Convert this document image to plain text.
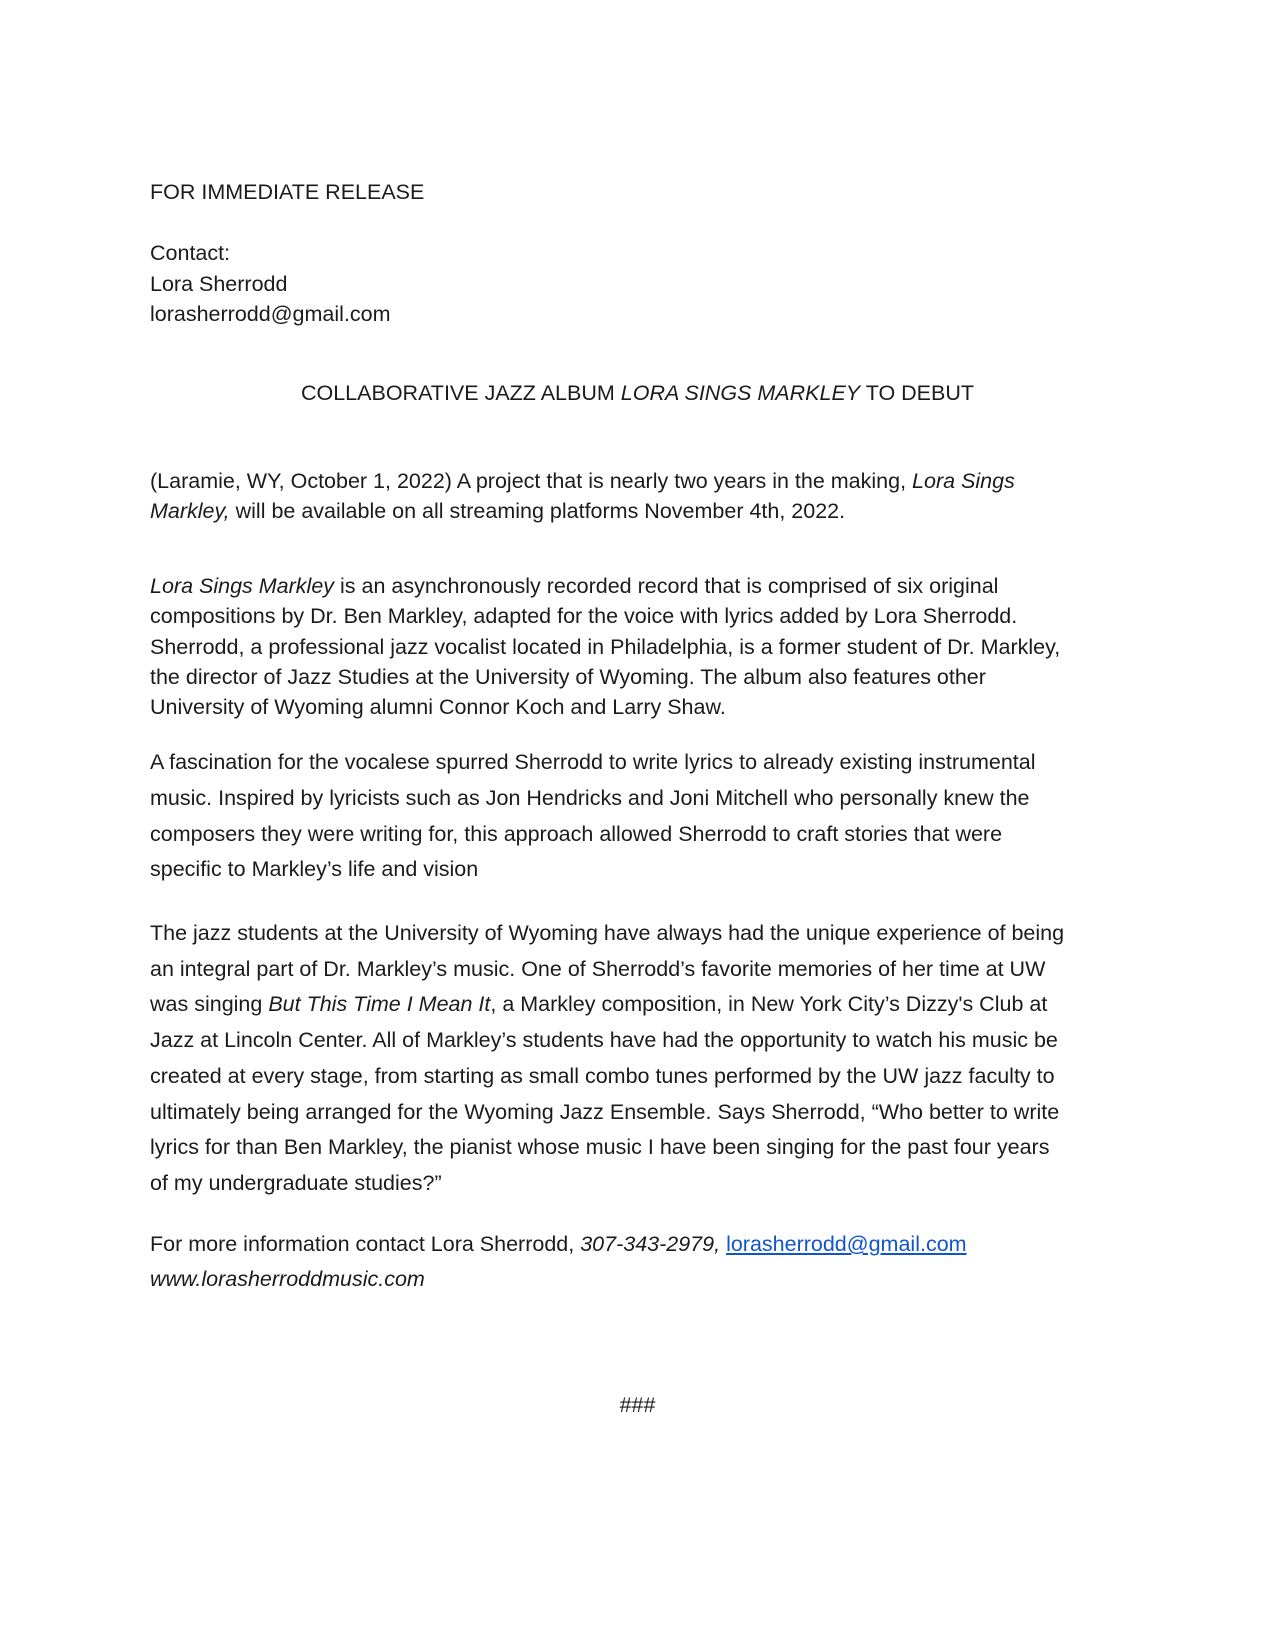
FOR IMMEDIATE RELEASE
Contact:
Lora Sherrodd
lorasherrodd@gmail.com
COLLABORATIVE JAZZ ALBUM LORA SINGS MARKLEY TO DEBUT
(Laramie, WY, October 1, 2022) A project that is nearly two years in the making, Lora Sings
Markley, will be available on all streaming platforms November 4th, 2022.
Lora Sings Markley is an asynchronously recorded record that is comprised of six original
compositions by Dr. Ben Markley, adapted for the voice with lyrics added by Lora Sherrodd.
Sherrodd, a professional jazz vocalist located in Philadelphia, is a former student of Dr. Markley,
the director of Jazz Studies at the University of Wyoming. The album also features other
University of Wyoming alumni Connor Koch and Larry Shaw.
A fascination for the vocalese spurred Sherrodd to write lyrics to already existing instrumental
music. Inspired by lyricists such as Jon Hendricks and Joni Mitchell who personally knew the
composers they were writing for, this approach allowed Sherrodd to craft stories that were
specific to Markley’s life and vision
The jazz students at the University of Wyoming have always had the unique experience of being
an integral part of Dr. Markley’s music. One of Sherrodd’s favorite memories of her time at UW
was singing But This Time I Mean It, a Markley composition, in New York City’s Dizzy's Club at
Jazz at Lincoln Center. All of Markley’s students have had the opportunity to watch his music be
created at every stage, from starting as small combo tunes performed by the UW jazz faculty to
ultimately being arranged for the Wyoming Jazz Ensemble. Says Sherrodd, “Who better to write
lyrics for than Ben Markley, the pianist whose music I have been singing for the past four years
of my undergraduate studies?”
For more information contact Lora Sherrodd, 307-343-2979, lorasherrodd@gmail.com
www.lorasherroddmusic.com
###
